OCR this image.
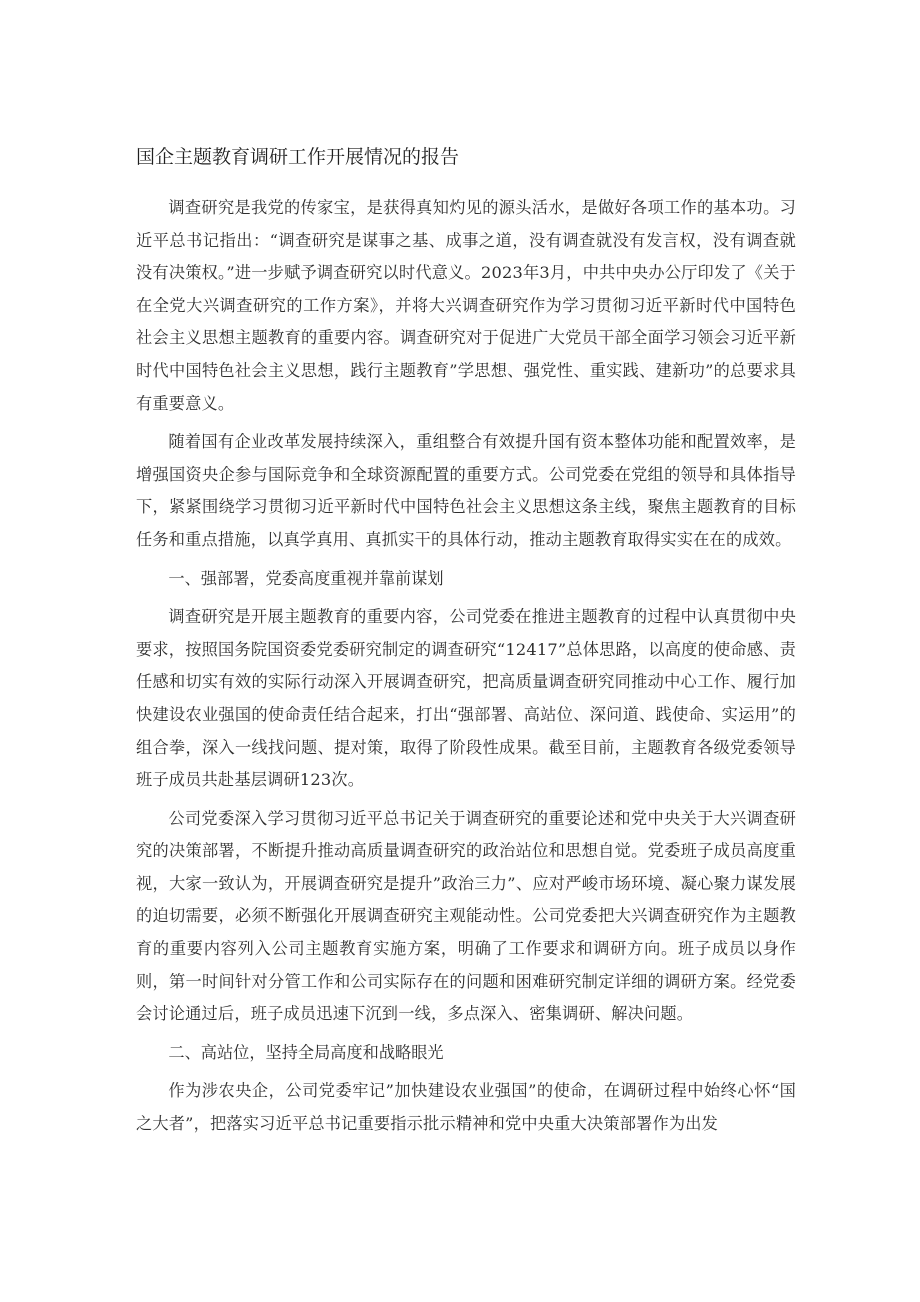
国企主题教育调研工作开展情况的报告

调查研究是我党的传家宝，是获得真知灼见的源头活水，是做好各项工作的基本功。习近平总书记指出：“调查研究是谋事之基、成事之道，没有调查就没有发言权，没有调查就没有决策权。”进一步赋予调查研究以时代意义。2023年3月，中共中央办公厅印发了《关于在全党大兴调查研究的工作方案》，并将大兴调查研究作为学习贯彻习近平新时代中国特色社会主义思想主题教育的重要内容。调查研究对于促进广大党员干部全面学习领会习近平新时代中国特色社会主义思想，践行主题教育”学思想、强党性、重实践、建新功”的总要求具有重要意义。

随着国有企业改革发展持续深入，重组整合有效提升国有资本整体功能和配置效率，是增强国资央企参与国际竞争和全球资源配置的重要方式。公司党委在党组的领导和具体指导下，紧紧围绕学习贯彻习近平新时代中国特色社会主义思想这条主线，聚焦主题教育的目标任务和重点措施，以真学真用、真抓实干的具体行动，推动主题教育取得实实在在的成效。

一、强部署，党委高度重视并靠前谋划

调查研究是开展主题教育的重要内容，公司党委在推进主题教育的过程中认真贯彻中央要求，按照国务院国资委党委研究制定的调查研究“12417”总体思路，以高度的使命感、责任感和切实有效的实际行动深入开展调查研究，把高质量调查研究同推动中心工作、履行加快建设农业强国的使命责任结合起来，打出“强部署、高站位、深问道、践使命、实运用”的组合拳，深入一线找问题、提对策，取得了阶段性成果。截至目前，主题教育各级党委领导班子成员共赴基层调研123次。

公司党委深入学习贯彻习近平总书记关于调查研究的重要论述和党中央关于大兴调查研究的决策部署，不断提升推动高质量调查研究的政治站位和思想自觉。党委班子成员高度重视，大家一致认为，开展调查研究是提升”政治三力”、应对严峻市场环境、凝心聚力谋发展的迫切需要，必须不断强化开展调查研究主观能动性。公司党委把大兴调查研究作为主题教育的重要内容列入公司主题教育实施方案，明确了工作要求和调研方向。班子成员以身作则，第一时间针对分管工作和公司实际存在的问题和困难研究制定详细的调研方案。经党委会讨论通过后，班子成员迅速下沉到一线，多点深入、密集调研、解决问题。

二、高站位，坚持全局高度和战略眼光

作为涉农央企，公司党委牢记”加快建设农业强国”的使命，在调研过程中始终心怀“国之大者”，把落实习近平总书记重要指示批示精神和党中央重大决策部署作为出发
